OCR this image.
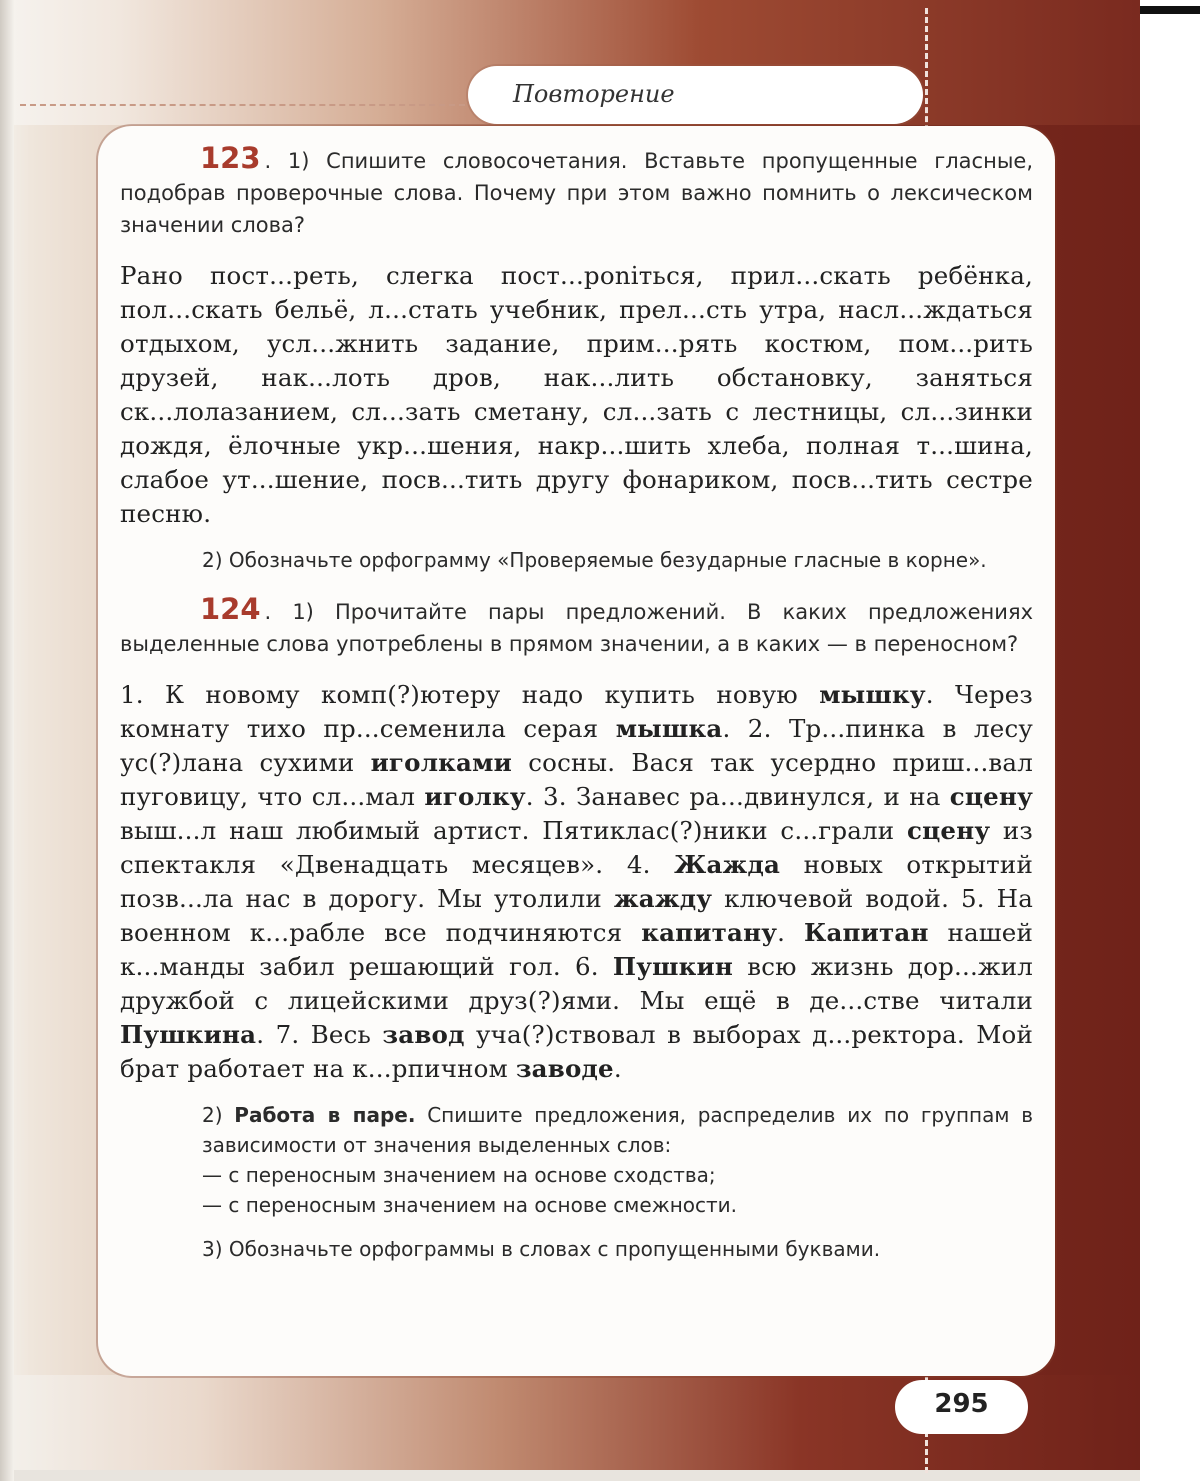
Повторение
123 . 1) Спишите словосочетания. Вставьте пропущенные гласные, подобрав проверочные слова. Почему при этом важно помнить о лексическом значении слова?
Рано пост...реть, слегка пост...роniться, прил...скать ребёнка, пол...скать бельё, л...стать учебник, прел...сть утра, насл...ждаться отдыхом, усл...жнить задание, прим...рять костюм, пом...рить друзей, нак...лоть дров, нак...лить обстановку, заняться ск...лолазанием, сл...зать сметану, сл...зать с лестницы, сл...зинки дождя, ёлочные укр...шения, накр...шить хлеба, полная т...шина, слабое ут...шение, посв...тить другу фонариком, посв...тить сестре песню.
2) Обозначьте орфограмму «Проверяемые безударные гласные в корне».
124 . 1) Прочитайте пары предложений. В каких предложениях выделенные слова употреблены в прямом значении, а в каких — в переносном?
1. К новому комп(?)ютеру надо купить новую мышку. Через комнату тихо пр...семенила серая мышка. 2. Тр...пинка в лесу ус(?)лана сухими иголками сосны. Вася так усердно приш...вал пуговицу, что сл...мал иголку. 3. Занавес ра...двинулся, и на сцену выш...л наш любимый артист. Пятиклас(?)ники с...грали сцену из спектакля «Двенадцать месяцев». 4. Жажда новых открытий позв...ла нас в дорогу. Мы утолили жажду ключевой водой. 5. На военном к...рабле все подчиняются капитану. Капитан нашей к...манды забил решающий гол. 6. Пушкин всю жизнь дор...жил дружбой с лицейскими друз(?)ями. Мы ещё в де...стве читали Пушкина. 7. Весь завод уча(?)ствовал в выборах д...ректора. Мой брат работает на к...рпичном заводе.
2) Работа в паре. Спишите предложения, распределив их по группам в зависимости от значения выделенных слов:
— с переносным значением на основе сходства;
— с переносным значением на основе смежности.
3) Обозначьте орфограммы в словах с пропущенными буквами.
295
